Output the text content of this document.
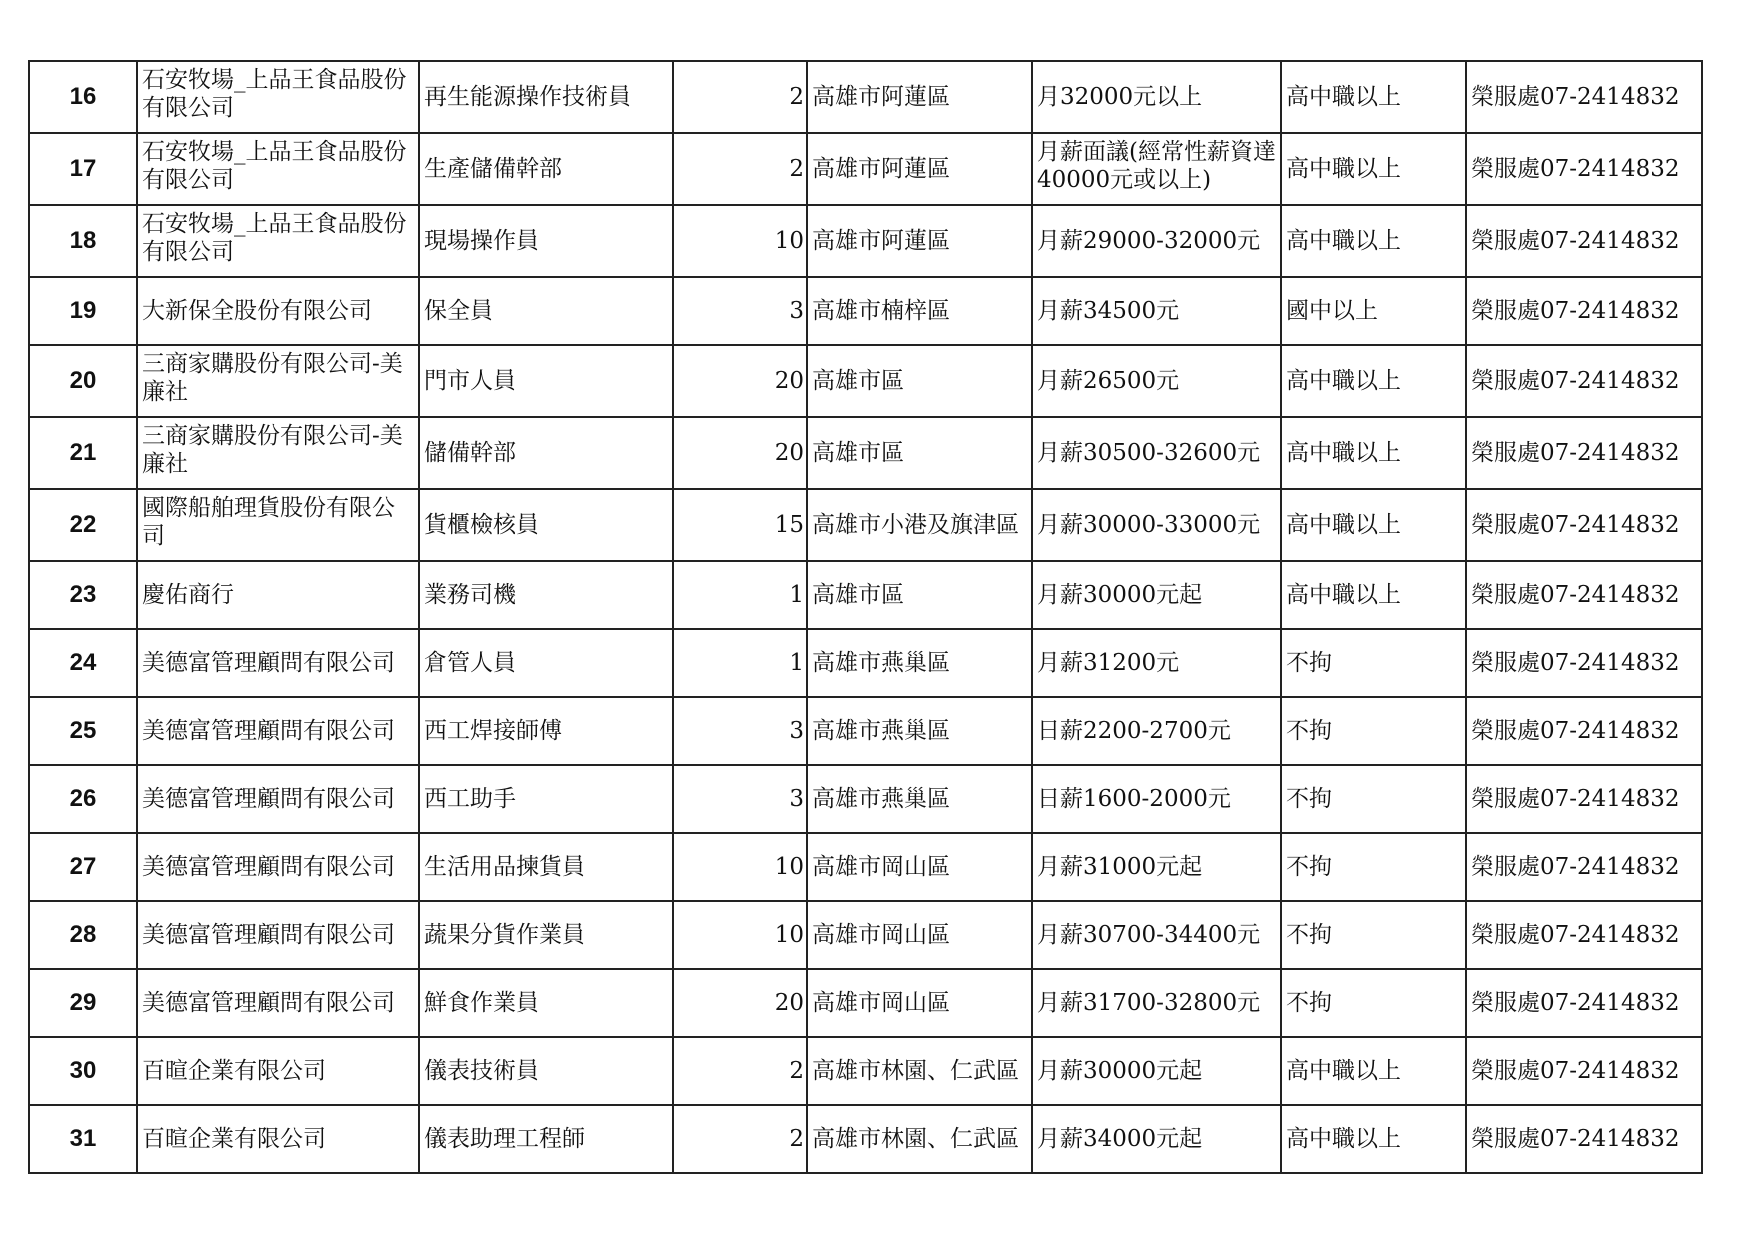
16	石安牧場_上品王食品股份有限公司	再生能源操作技術員	2	高雄市阿蓮區	月32000元以上	高中職以上	榮服處07-2414832
17	石安牧場_上品王食品股份有限公司	生產儲備幹部	2	高雄市阿蓮區	月薪面議(經常性薪資達40000元或以上)	高中職以上	榮服處07-2414832
18	石安牧場_上品王食品股份有限公司	現場操作員	10	高雄市阿蓮區	月薪29000-32000元	高中職以上	榮服處07-2414832
19	大新保全股份有限公司	保全員	3	高雄市楠梓區	月薪34500元	國中以上	榮服處07-2414832
20	三商家購股份有限公司-美廉社	門市人員	20	高雄市區	月薪26500元	高中職以上	榮服處07-2414832
21	三商家購股份有限公司-美廉社	儲備幹部	20	高雄市區	月薪30500-32600元	高中職以上	榮服處07-2414832
22	國際船舶理貨股份有限公司	貨櫃檢核員	15	高雄市小港及旗津區	月薪30000-33000元	高中職以上	榮服處07-2414832
23	慶佑商行	業務司機	1	高雄市區	月薪30000元起	高中職以上	榮服處07-2414832
24	美德富管理顧問有限公司	倉管人員	1	高雄市燕巢區	月薪31200元	不拘	榮服處07-2414832
25	美德富管理顧問有限公司	西工焊接師傅	3	高雄市燕巢區	日薪2200-2700元	不拘	榮服處07-2414832
26	美德富管理顧問有限公司	西工助手	3	高雄市燕巢區	日薪1600-2000元	不拘	榮服處07-2414832
27	美德富管理顧問有限公司	生活用品揀貨員	10	高雄市岡山區	月薪31000元起	不拘	榮服處07-2414832
28	美德富管理顧問有限公司	蔬果分貨作業員	10	高雄市岡山區	月薪30700-34400元	不拘	榮服處07-2414832
29	美德富管理顧問有限公司	鮮食作業員	20	高雄市岡山區	月薪31700-32800元	不拘	榮服處07-2414832
30	百暄企業有限公司	儀表技術員	2	高雄市林園、仁武區	月薪30000元起	高中職以上	榮服處07-2414832
31	百暄企業有限公司	儀表助理工程師	2	高雄市林園、仁武區	月薪34000元起	高中職以上	榮服處07-2414832
